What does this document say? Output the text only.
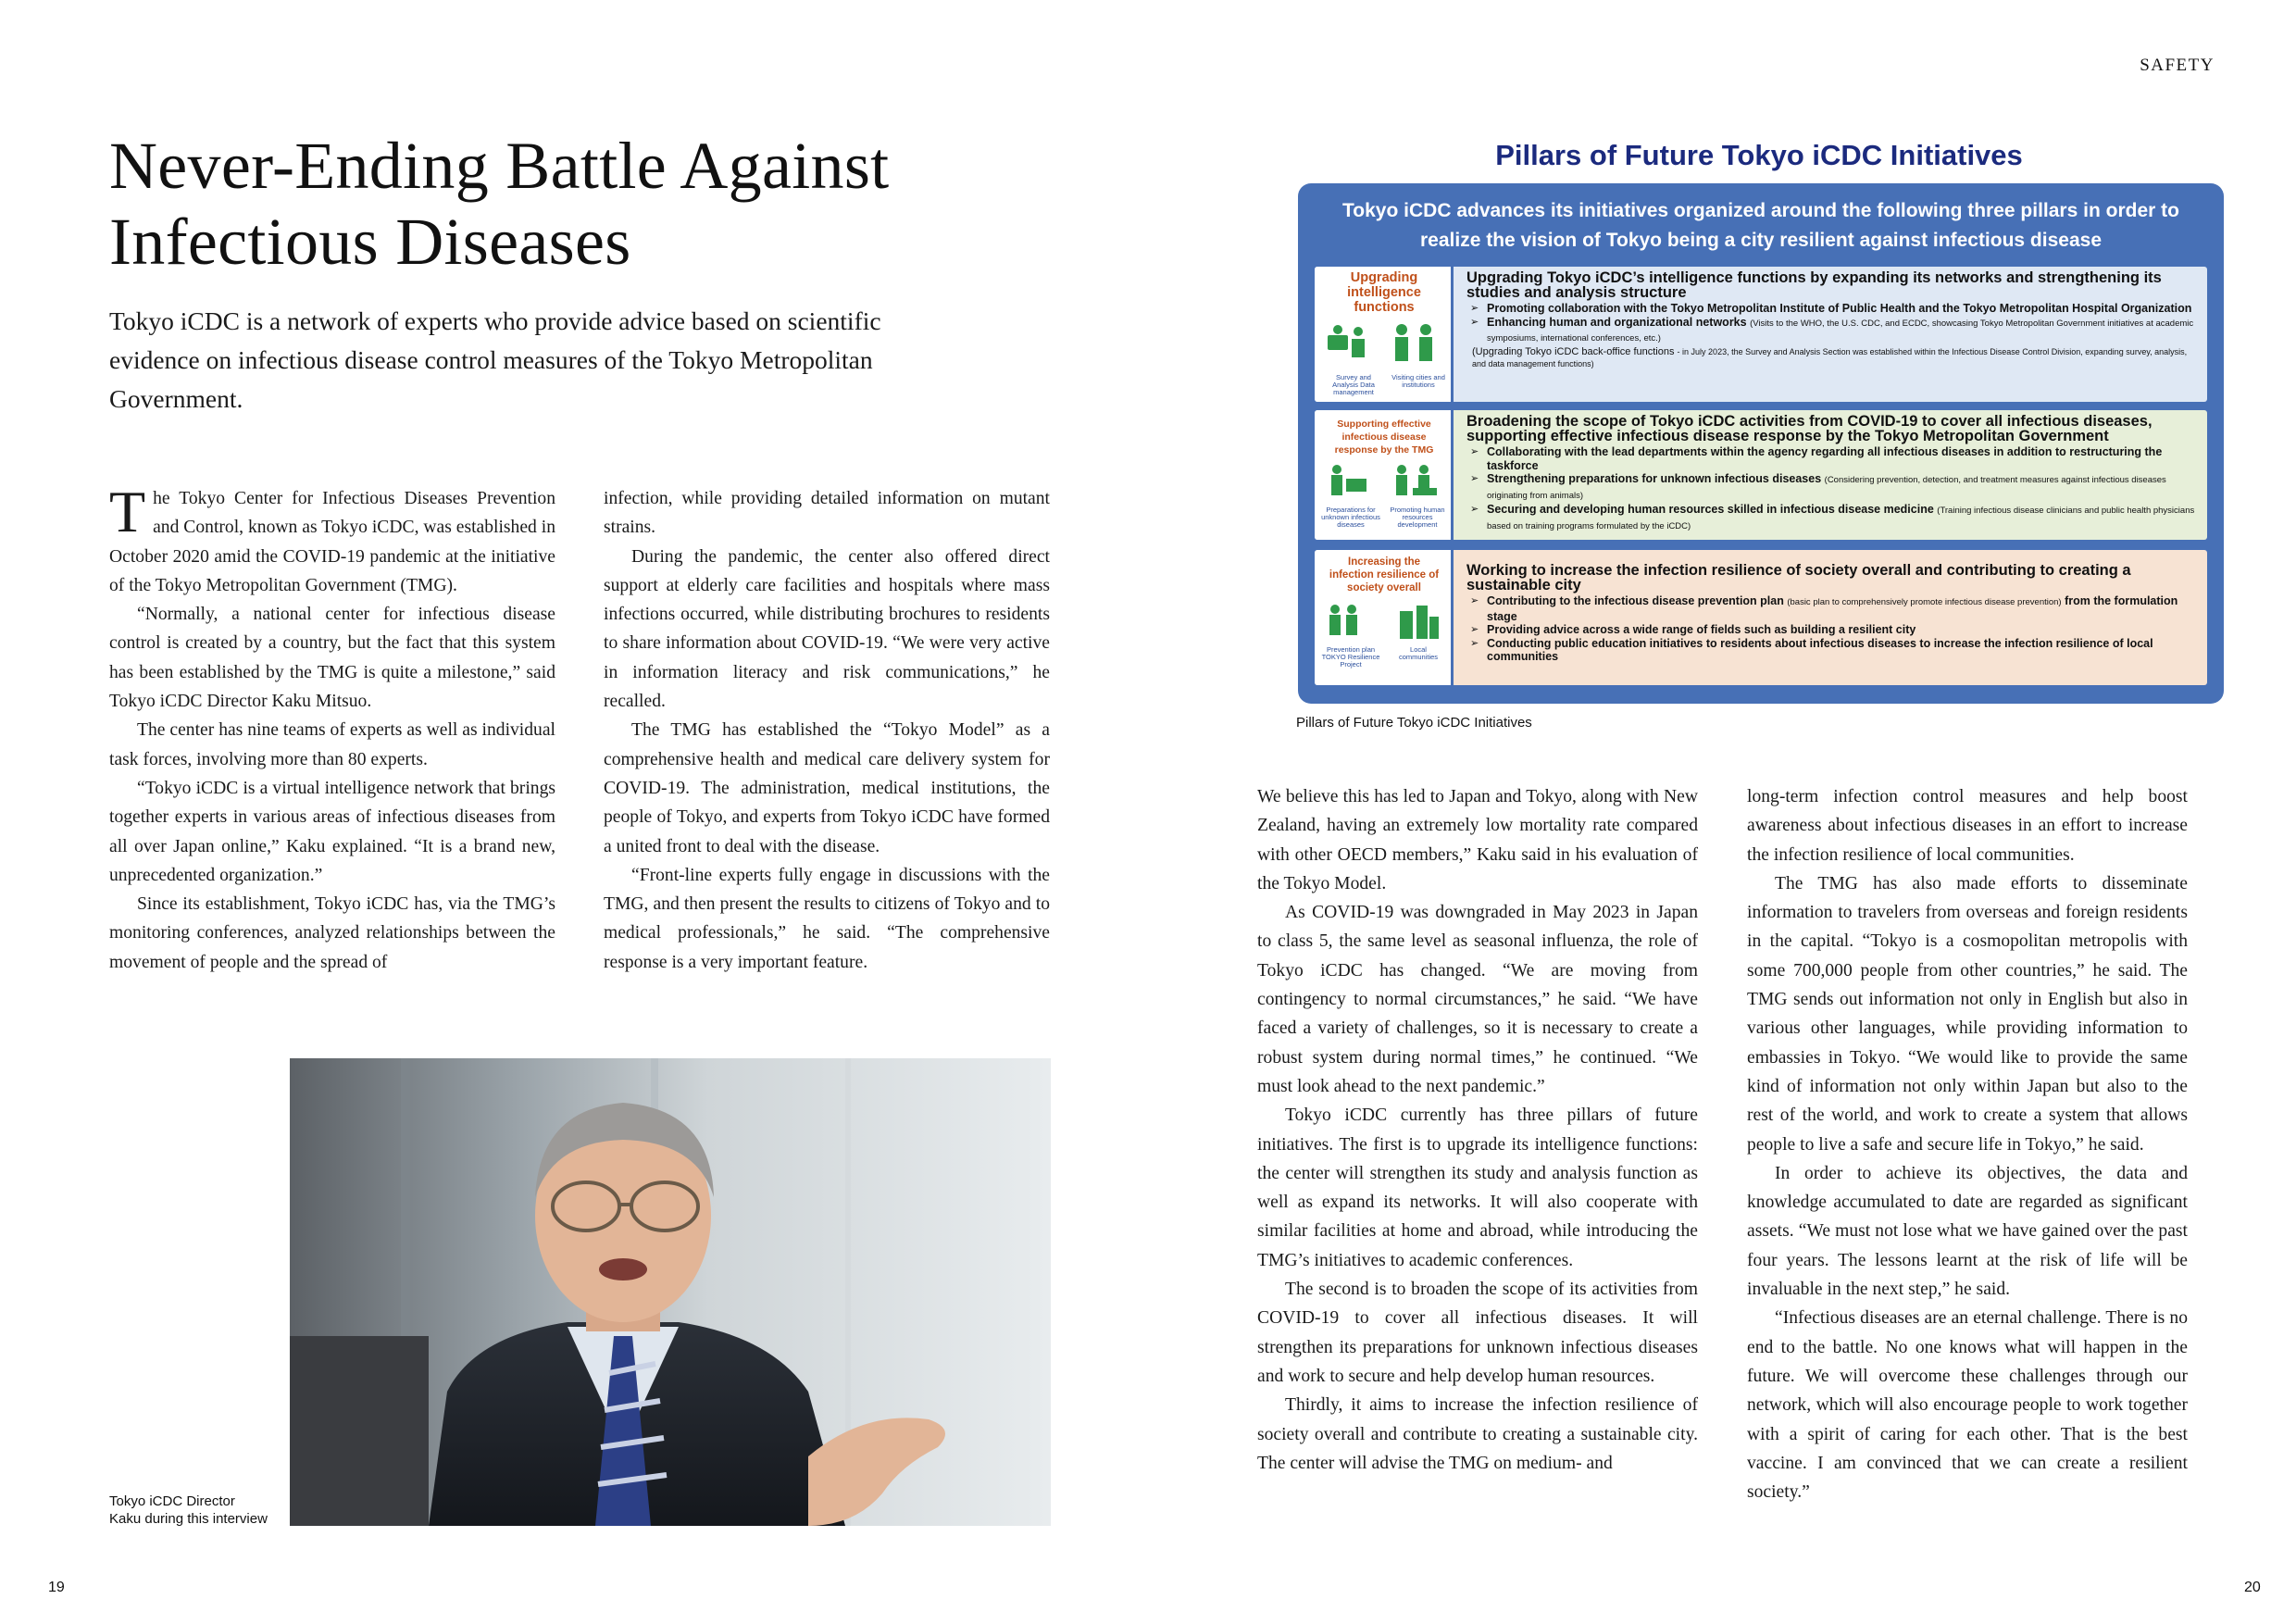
SAFETY
Never-Ending Battle Against
Infectious Diseases

Tokyo iCDC is a network of experts who provide advice based on scientific evidence on infectious disease control measures of the Tokyo Metropolitan Government.

The Tokyo Center for Infectious Diseases Prevention and Control, known as Tokyo iCDC, was established in October 2020 amid the COVID-19 pandemic at the initiative of the Tokyo Metropolitan Government (TMG).

“Normally, a national center for infectious disease control is created by a country, but the fact that this system has been established by the TMG is quite a milestone,” said Tokyo iCDC Director Kaku Mitsuo.

The center has nine teams of experts as well as individual task forces, involving more than 80 experts.

“Tokyo iCDC is a virtual intelligence network that brings together experts in various areas of infectious diseases from all over Japan online,” Kaku explained. “It is a brand new, unprecedented organization.”

Since its establishment, Tokyo iCDC has, via the TMG’s monitoring conferences, analyzed relationships between the movement of people and the spread of

infection, while providing detailed information on mutant strains.

During the pandemic, the center also offered direct support at elderly care facilities and hospitals where mass infections occurred, while distributing brochures to residents to share information about COVID-19. “We were very active in information literacy and risk communications,” he recalled.

The TMG has established the “Tokyo Model” as a comprehensive health and medical care delivery system for COVID-19. The administration, medical institutions, the people of Tokyo, and experts from Tokyo iCDC have formed a united front to deal with the disease.

“Front-line experts fully engage in discussions with the TMG, and then present the results to citizens of Tokyo and to medical professionals,” he said. “The comprehensive response is a very important feature.

Tokyo iCDC Director
Kaku during this interview
19	20
Pillars of Future Tokyo iCDC Initiatives
Tokyo iCDC advances its initiatives organized around the following three pillars in order to realize the vision of Tokyo being a city resilient against infectious disease
Upgrading intelligence functions
Survey and Analysis Data management
Visiting cities and institutions
Upgrading Tokyo iCDC’s intelligence functions by expanding its networks and strengthening its studies and analysis structure
➢ Promoting collaboration with the Tokyo Metropolitan Institute of Public Health and the Tokyo Metropolitan Hospital Organization
➢ Enhancing human and organizational networks (Visits to the WHO, the U.S. CDC, and ECDC, showcasing Tokyo Metropolitan Government initiatives at academic symposiums, international conferences, etc.)
(Upgrading Tokyo iCDC back-office functions - in July 2023, the Survey and Analysis Section was established within the Infectious Disease Control Division, expanding survey, analysis, and data management functions)
Supporting effective infectious disease response by the TMG
Preparations for unknown infectious diseases
Promoting human resources development
Broadening the scope of Tokyo iCDC activities from COVID-19 to cover all infectious diseases, supporting effective infectious disease response by the Tokyo Metropolitan Government
➢ Collaborating with the lead departments within the agency regarding all infectious diseases in addition to restructuring the taskforce
➢ Strengthening preparations for unknown infectious diseases (Considering prevention, detection, and treatment measures against infectious diseases originating from animals)
➢ Securing and developing human resources skilled in infectious disease medicine (Training infectious disease clinicians and public health physicians based on training programs formulated by the iCDC)
Increasing the infection resilience of society overall
Prevention plan TOKYO Resilience Project
Local communities
Working to increase the infection resilience of society overall and contributing to creating a sustainable city
➢ Contributing to the infectious disease prevention plan (basic plan to comprehensively promote infectious disease prevention) from the formulation stage
➢ Providing advice across a wide range of fields such as building a resilient city
➢ Conducting public education initiatives to residents about infectious diseases to increase the infection resilience of local communities
Pillars of Future Tokyo iCDC Initiatives

We believe this has led to Japan and Tokyo, along with New Zealand, having an extremely low mortality rate compared with other OECD members,” Kaku said in his evaluation of the Tokyo Model.

As COVID-19 was downgraded in May 2023 in Japan to class 5, the same level as seasonal influenza, the role of Tokyo iCDC has changed. “We are moving from contingency to normal circumstances,” he said. “We have faced a variety of challenges, so it is necessary to create a robust system during normal times,” he continued. “We must look ahead to the next pandemic.”

Tokyo iCDC currently has three pillars of future initiatives. The first is to upgrade its intelligence functions: the center will strengthen its study and analysis function as well as expand its networks. It will also cooperate with similar facilities at home and abroad, while introducing the TMG’s initiatives to academic conferences.

The second is to broaden the scope of its activities from COVID-19 to cover all infectious diseases. It will strengthen its preparations for unknown infectious diseases and work to secure and help develop human resources.

Thirdly, it aims to increase the infection resilience of society overall and contribute to creating a sustainable city. The center will advise the TMG on medium- and

long-term infection control measures and help boost awareness about infectious diseases in an effort to increase the infection resilience of local communities.

The TMG has also made efforts to disseminate information to travelers from overseas and foreign residents in the capital. “Tokyo is a cosmopolitan metropolis with some 700,000 people from other countries,” he said. The TMG sends out information not only in English but also in various other languages, while providing information to embassies in Tokyo. “We would like to provide the same kind of information not only within Japan but also to the rest of the world, and work to create a system that allows people to live a safe and secure life in Tokyo,” he said.

In order to achieve its objectives, the data and knowledge accumulated to date are regarded as significant assets. “We must not lose what we have gained over the past four years. The lessons learnt at the risk of life will be invaluable in the next step,” he said.

“Infectious diseases are an eternal challenge. There is no end to the battle. No one knows what will happen in the future. We will overcome these challenges through our network, which will also encourage people to work together with a spirit of caring for each other. That is the best vaccine. I am convinced that we can create a resilient society.”
